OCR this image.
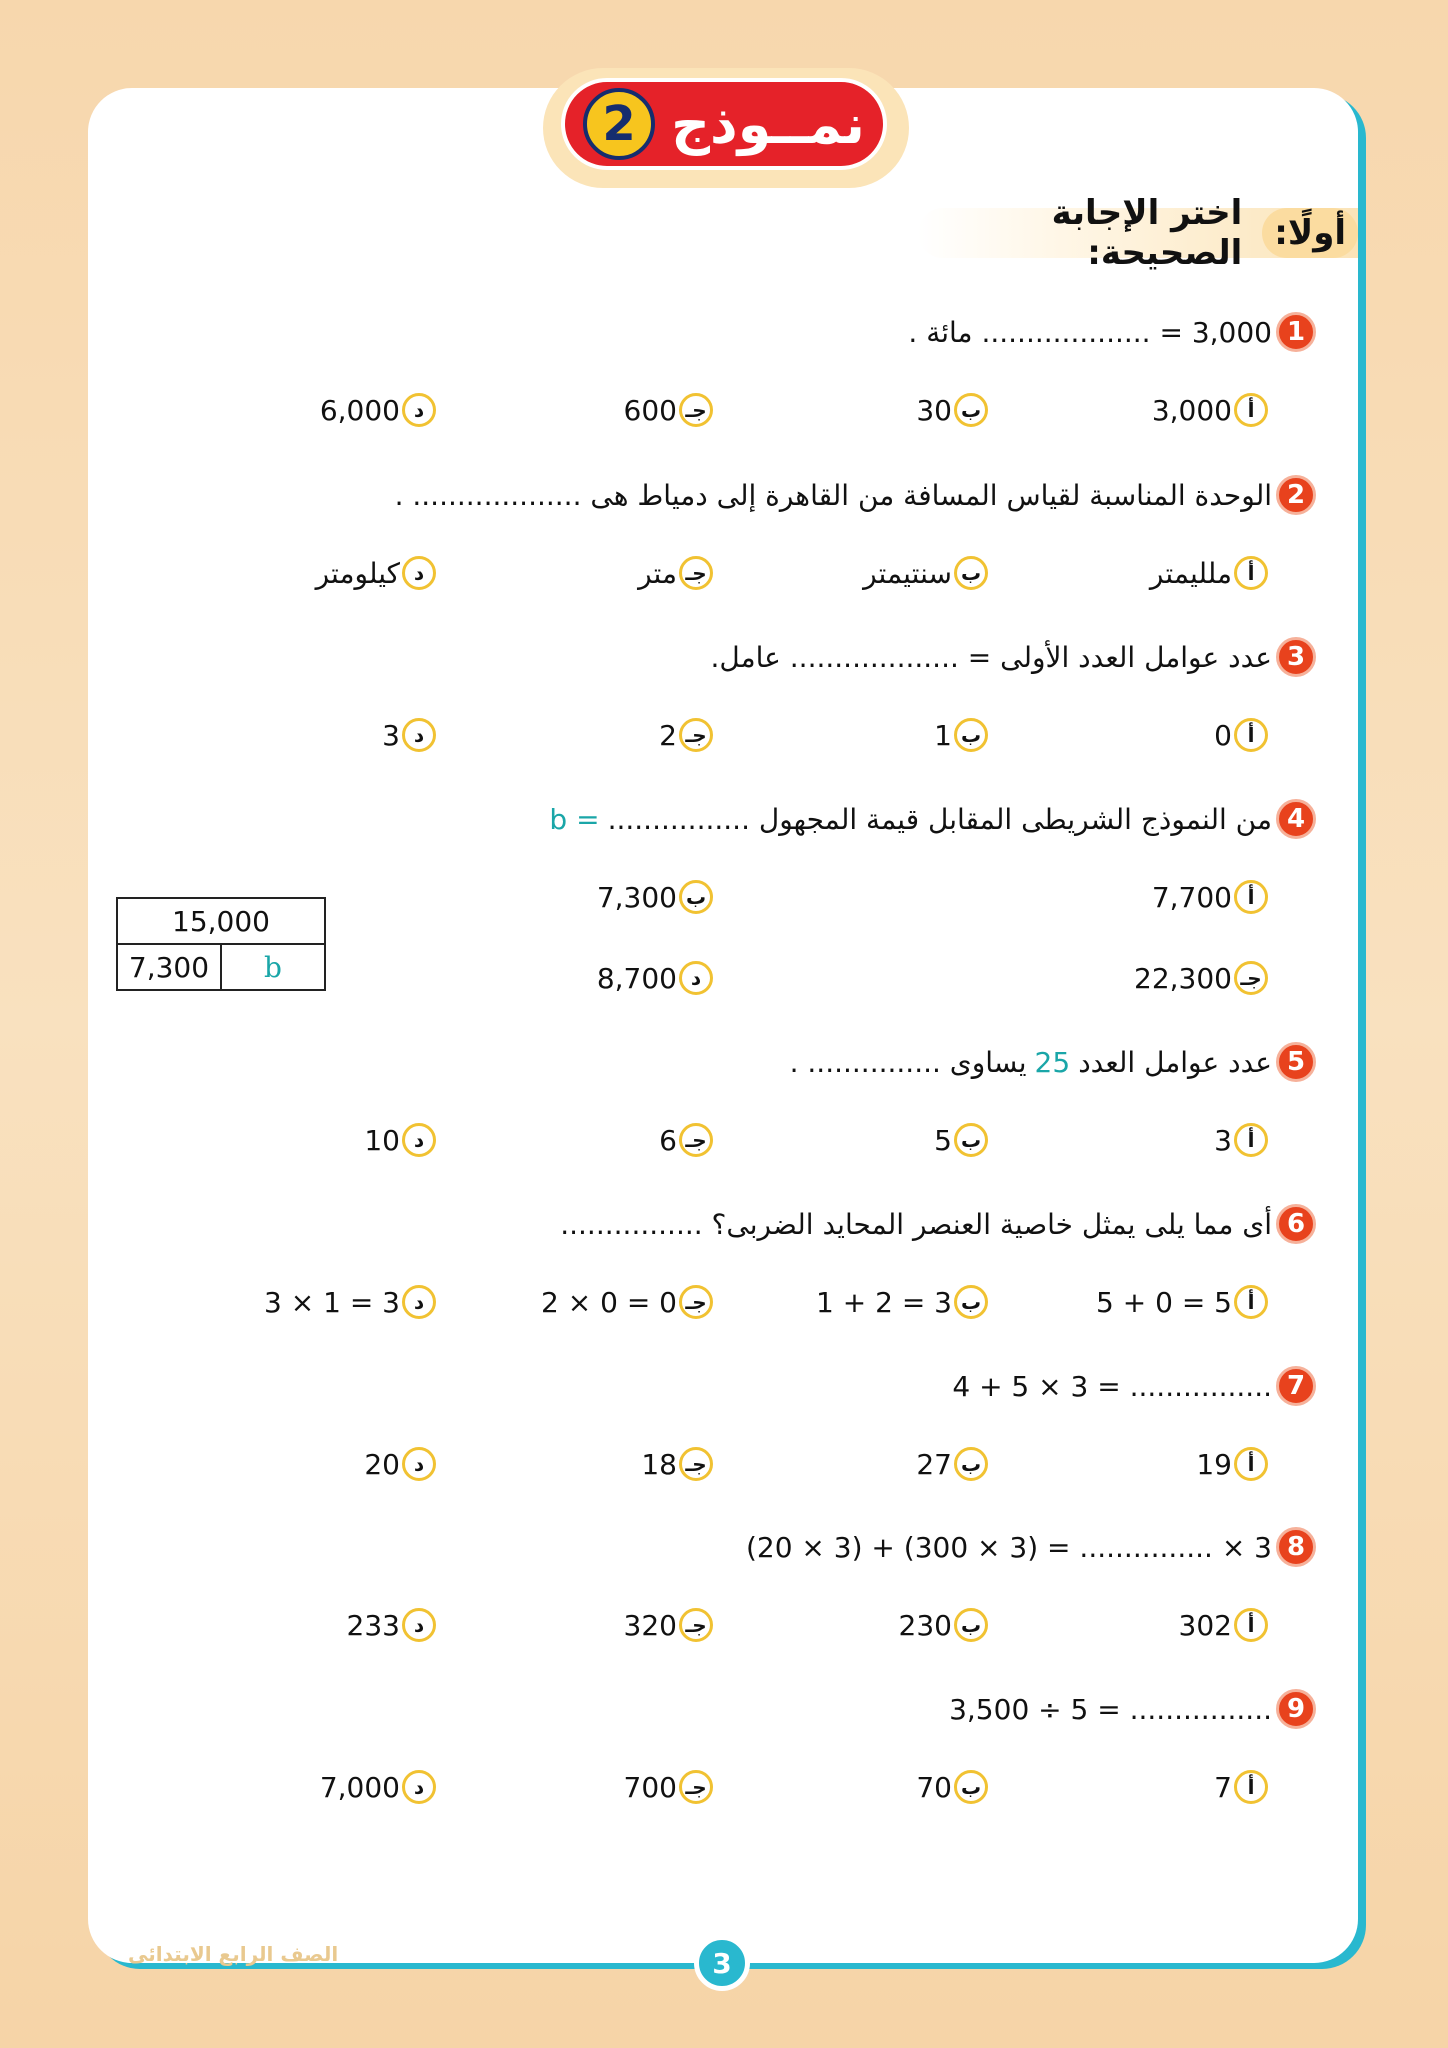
نمــوذج
2
أولًا:
اختر الإجابة الصحيحة:
1
3,000 = ................... مائة .
أ
3,000
ب
30
جـ
600
د
6,000
2
الوحدة المناسبة لقياس المسافة من القاهرة إلى دمياط هى ................... .
أ
ملليمتر
ب
سنتيمتر
جـ
متر
د
كيلومتر
3
عدد عوامل العدد الأولى = ................... عامل.
أ
0
ب
1
جـ
2
د
3
4
من النموذج الشريطى المقابل قيمة المجهول ................
b =
أ
7,700
ب
7,300
جـ
22,300
د
8,700
15,000
7,300	b
5
عدد عوامل العدد
25
يساوى ............... .
أ
3
ب
5
جـ
6
د
10
6
أى مما يلى يمثل خاصية العنصر المحايد الضربى؟ ................
أ
5 + 0 = 5
ب
1 + 2 = 3
جـ
2 × 0 = 0
د
3 × 1 = 3
7
4 + 5 × 3 = ................
أ
19
ب
27
جـ
18
د
20
8
(20 × 3) + (300 × 3) = ............... × 3
أ
302
ب
230
جـ
320
د
233
9
3,500 ÷ 5 = ................
أ
7
ب
70
جـ
700
د
7,000
الصف الرابع الابتدائى	3
